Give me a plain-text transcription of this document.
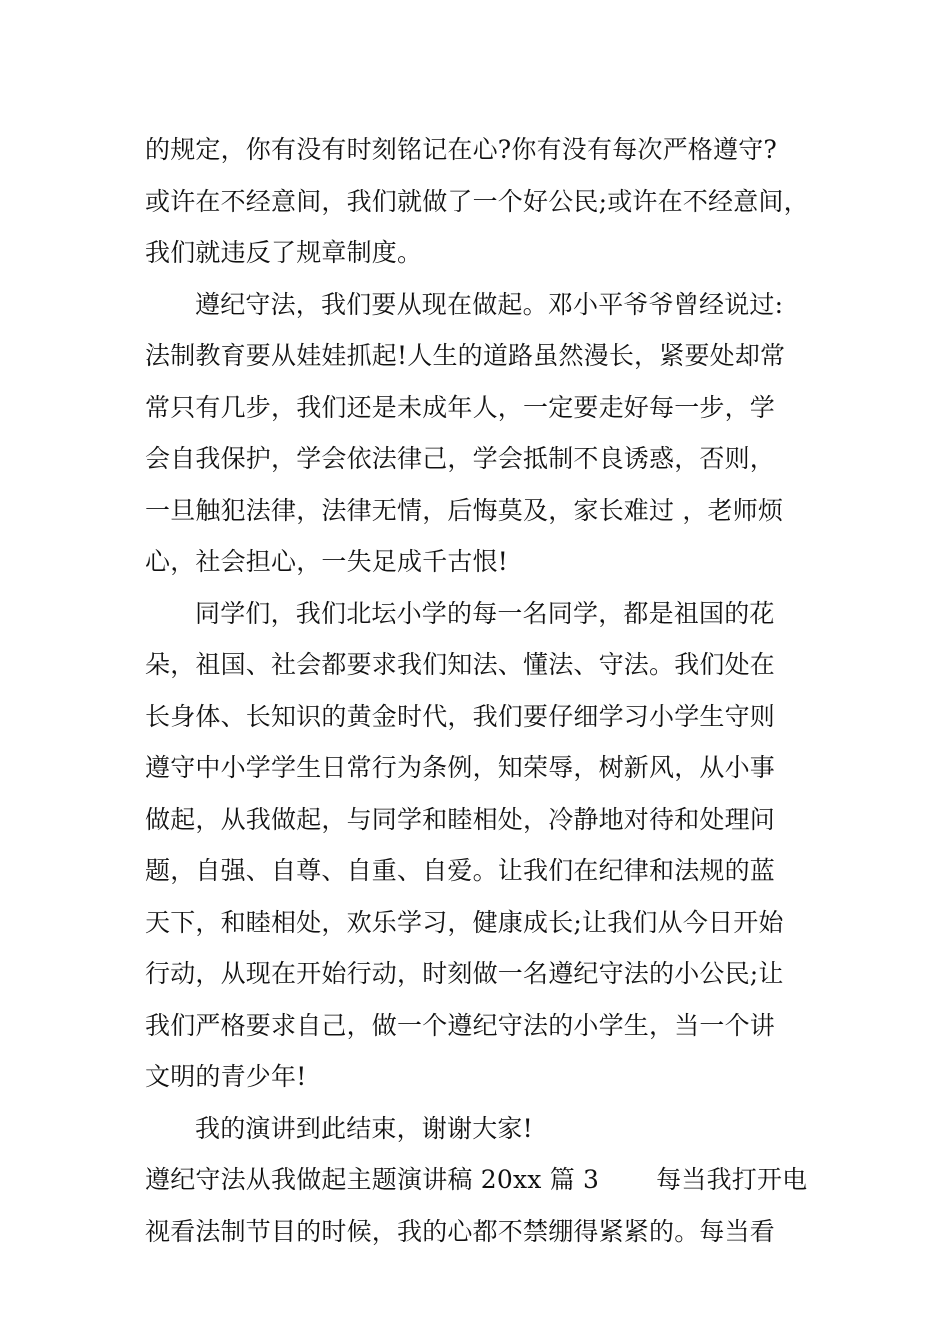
的规定，你有没有时刻铭记在心?你有没有每次严格遵守?
或许在不经意间，我们就做了一个好公民;或许在不经意间，
我们就违反了规章制度。
遵纪守法，我们要从现在做起。邓小平爷爷曾经说过:
法制教育要从娃娃抓起!人生的道路虽然漫长，紧要处却常
常只有几步，我们还是未成年人，一定要走好每一步，学
会自我保护，学会依法律己，学会抵制不良诱惑，否则，
一旦触犯法律，法律无情，后悔莫及，家长难过 ，老师烦
心，社会担心，一失足成千古恨!
同学们，我们北坛小学的每一名同学，都是祖国的花
朵，祖国、社会都要求我们知法、懂法、守法。我们处在
长身体、长知识的黄金时代，我们要仔细学习小学生守则
遵守中小学学生日常行为条例，知荣辱，树新风，从小事
做起，从我做起，与同学和睦相处，冷静地对待和处理问
题，自强、自尊、自重、自爱。让我们在纪律和法规的蓝
天下，和睦相处，欢乐学习，健康成长;让我们从今日开始
行动，从现在开始行动，时刻做一名遵纪守法的小公民;让
我们严格要求自己，做一个遵纪守法的小学生，当一个讲
文明的青少年!
我的演讲到此结束，谢谢大家!
遵纪守法从我做起主题演讲稿 20xx 篇 3       每当我打开电
视看法制节目的时候，我的心都不禁绷得紧紧的。每当看
